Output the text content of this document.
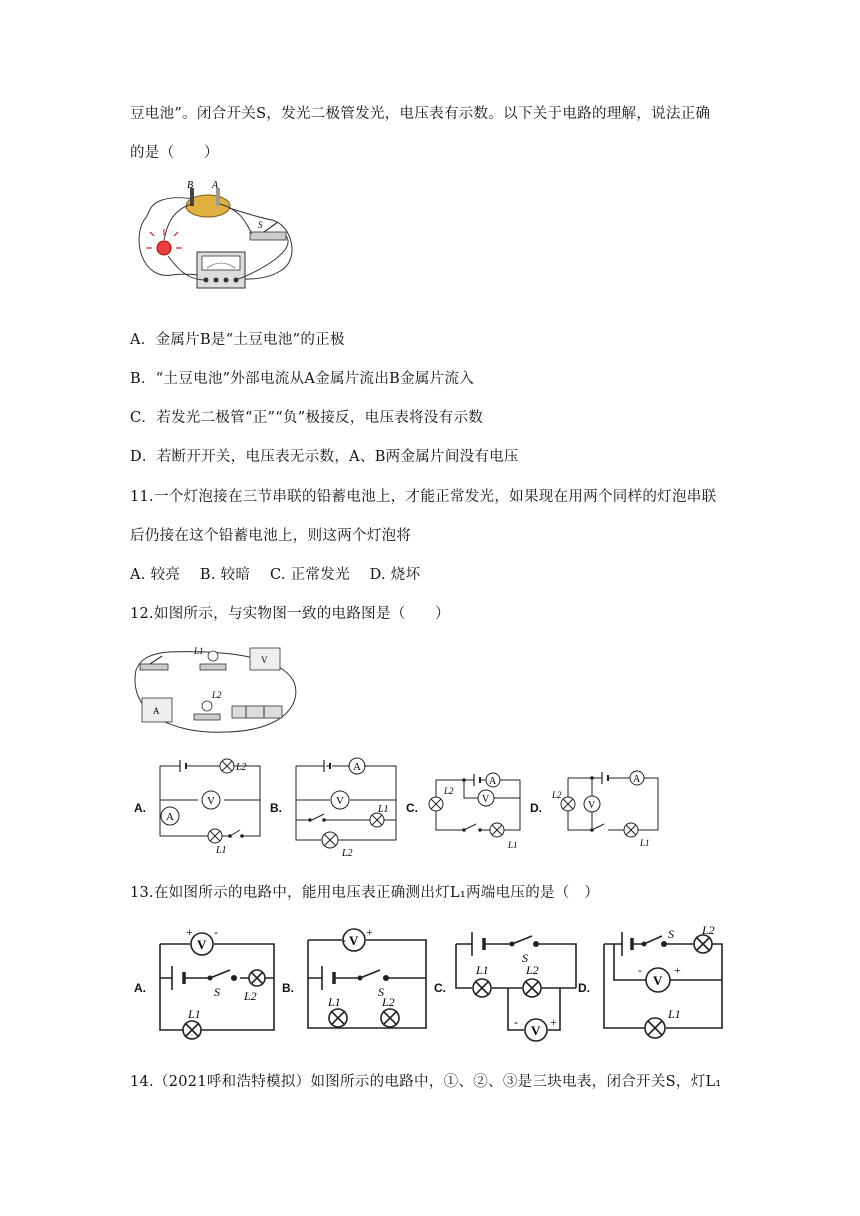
豆电池”。闭合开关S，发光二极管发光，电压表有示数。以下关于电路的理解，说法正确
的是（　　）
B A
S
A．金属片B是“土豆电池”的正极
B．“土豆电池”外部电流从A金属片流出B金属片流入
C．若发光二极管“正”“负”极接反，电压表将没有示数
D．若断开开关，电压表无示数，A、B两金属片间没有电压
11.一个灯泡接在三节串联的铅蓄电池上，才能正常发光，如果现在用两个同样的灯泡串联
后仍接在这个铅蓄电池上，则这两个灯泡将
A. 较亮　 B. 较暗　 C. 正常发光　 D. 烧坏
12.如图所示，与实物图一致的电路图是（　　）
L1
V
A
L2
A.	V
A
L2
L1
B.
A
V
L1
L2
C.
A
V
L2
L1
D.
A
V
L2
L1
13.在如图所示的电路中，能用电压表正确测出灯L₁两端电压的是（　）
A.
V
+ -
S L2
L1
B.
V
-
+
S
L1	L2
C.
S
L1	L2
V
-	+
D.
S L2
V
-	+
L1
14.（2021呼和浩特模拟）如图所示的电路中，①、②、③是三块电表，闭合开关S，灯L₁
